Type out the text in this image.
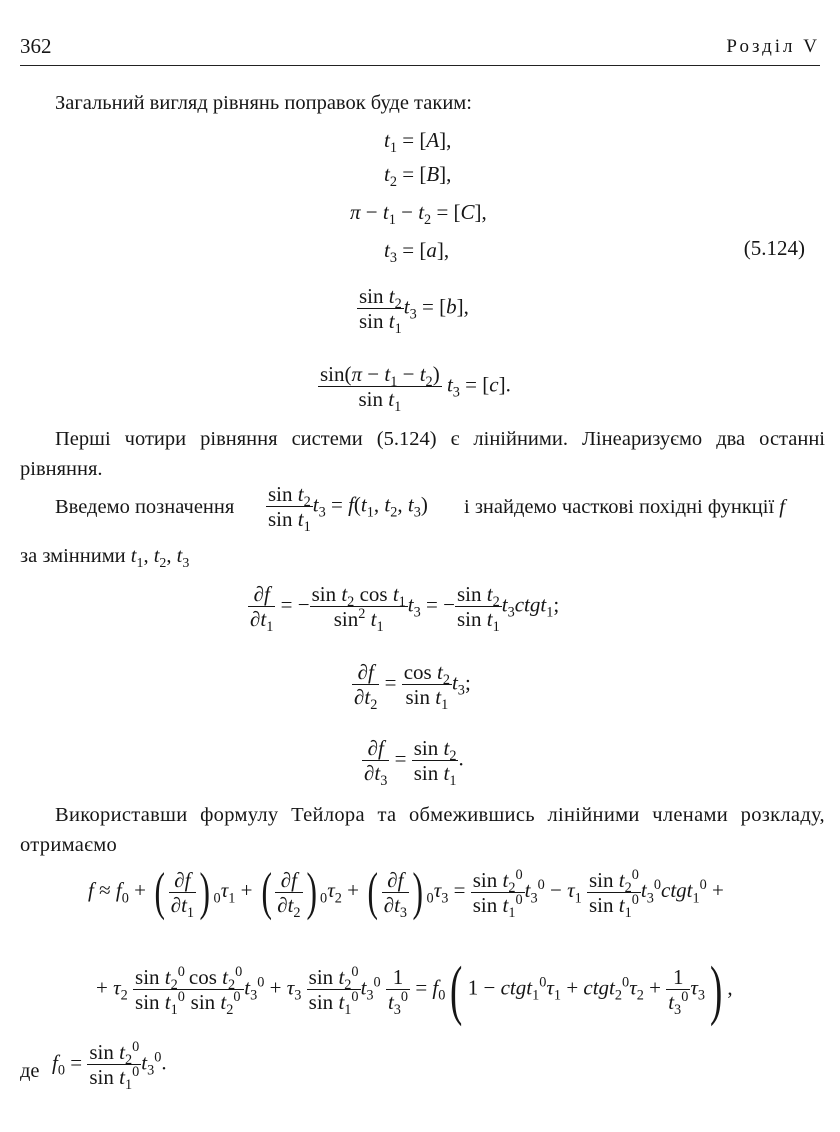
362	Розділ V
Загальний вигляд рівнянь поправок буде таким:
$t_1 = [A]$,
$t_2 = [B]$,
$\pi - t_1 - t_2 = [C]$,
$t_3 = [a]$,	(5.124)
$\frac{\sin t_2}{\sin t_1} t_3 = [b]$,
$\frac{\sin(\pi - t_1 - t_2)}{\sin t_1} t_3 = [c]$.
Перші чотири рівняння системи (5.124) є лінійними. Лінеаризуємо два останні рівняння.
Введемо позначення $\frac{\sin t_2}{\sin t_1} t_3 = f(t_1$, $t_2$, $t_3$) і знайдемо часткові похідні функції f
за змінними $t_1$, $t_2$, $t_3$
$\frac{\partial f}{\partial t_1}$ = − $\frac{\sin t_2 \cos t_1}{\sin^2 t_1} t_3$ = − $\frac{\sin t_2}{\sin t_1}$ $t_3ctgt_1$;
$\frac{\partial f}{\partial t_2} = \frac{\cos t_2}{\sin t_1} t_3$;
$\frac{\partial f}{\partial t_3} = \frac{\sin t_2}{\sin t_1}$ .
Використавши формулу Тейлора та обмежившись лінійними членами розкладу, отримаємо
$f \approx f_0$ + ( $\frac{\partial f}{\partial t_1}$ ) $_0\tau_1$ + ( $\frac{\partial f}{\partial t_2}$ ) $_0\tau_2$ + ( $\frac{\partial f}{\partial t_3}$ ) $_0\tau_3 = \frac{\sin t_2^0}{\sin t_1^0} t_3^0 - \tau_1 \frac{\sin t_2^0}{\sin t_1^0}$ $t_3^0ctgt_1^0$ +
+ $\tau_2 \frac{\sin t_2^0}{\sin t_1^0} \frac{\cos t_2^0}{\sin t_2^0} t_3^0 + \tau_3 \frac{\sin t_2^0}{\sin t_1^0} t_3^0 \frac{1}{t_3^0} = f_0$( $1 - ctgt_1^0\tau_1$ + $ctgt_2^0\tau_2 + \frac{1}{t_3^0} \tau_3$) ,
де $f_0 = \frac{\sin t_2^0}{\sin t_1^0} t_3^0$.
